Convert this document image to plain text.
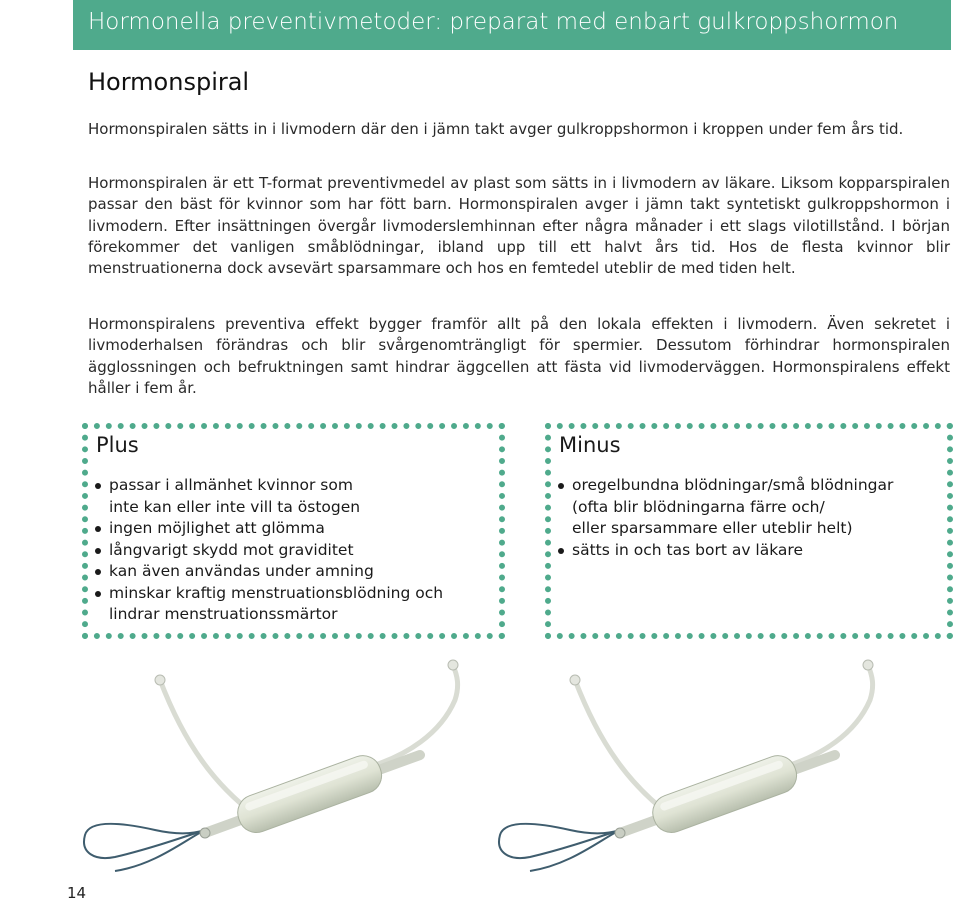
Hormonella preventivmetoder: preparat med enbart gulkroppshormon
Hormonspiral

Hormonspiralen sätts in i livmodern där den i jämn takt avger gulkroppshormon i kroppen under fem års tid.

Hormonspiralen är ett T-format preventivmedel av plast som sätts in i livmodern av läkare. Liksom kopparspiralen passar den bäst för kvinnor som har fött barn. Hormonspiralen avger i jämn takt syntetiskt gulkroppshormon i livmodern. Efter insättningen övergår livmoderslemhinnan efter några månader i ett slags vilotillstånd. I början förekommer det vanligen småblödningar, ibland upp till ett halvt års tid. Hos de flesta kvinnor blir menstruationerna dock avsevärt sparsammare och hos en femtedel uteblir de med tiden helt.

Hormonspiralens preventiva effekt bygger framför allt på den lokala effekten i livmodern. Även sekretet i livmoderhalsen förändras och blir svårgenomträngligt för spermier. Dessutom förhindrar hormonspiralen ägglossningen och befruktningen samt hindrar äggcellen att fästa vid livmoderväggen. Hormonspiralens effekt håller i fem år.

Plus
passar i allmänhet kvinnor som
inte kan eller inte vill ta östogen
ingen möjlighet att glömma
långvarigt skydd mot graviditet
kan även användas under amning
minskar kraftig menstruationsblödning och
lindrar menstruationssmärtor
Minus
oregelbundna blödningar/små blödningar
(ofta blir blödningarna färre och/
eller sparsammare eller uteblir helt)
sätts in och tas bort av läkare
14
